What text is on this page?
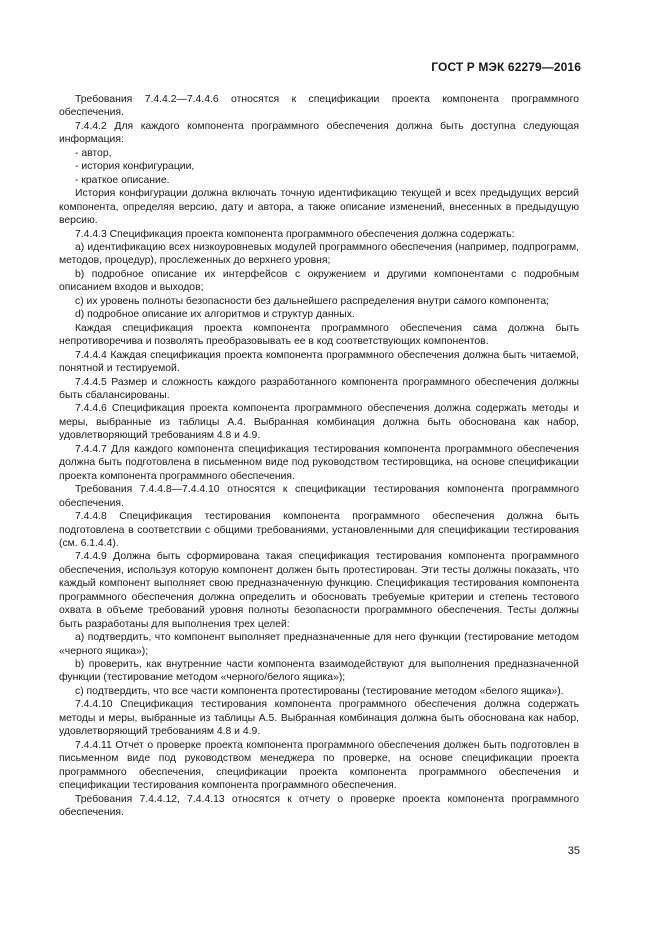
ГОСТ Р МЭК 62279—2016

Требования 7.4.4.2—7.4.4.6 относятся к спецификации проекта компонента программного обеспечения.

7.4.4.2 Для каждого компонента программного обеспечения должна быть доступна следующая информация:

- автор,

- история конфигурации,

- краткое описание.

История конфигурации должна включать точную идентификацию текущей и всех предыдущих версий компонента, определяя версию, дату и автора, а также описание изменений, внесенных в предыдущую версию.

7.4.4.3 Спецификация проекта компонента программного обеспечения должна содержать:

a) идентификацию всех низкоуровневых модулей программного обеспечения (например, подпрограмм, методов, процедур), прослеженных до верхнего уровня;

b) подробное описание их интерфейсов с окружением и другими компонентами с подробным описанием входов и выходов;

c) их уровень полноты безопасности без дальнейшего распределения внутри самого компонента;

d) подробное описание их алгоритмов и структур данных.

Каждая спецификация проекта компонента программного обеспечения сама должна быть непротиворечива и позволять преобразовывать ее в код соответствующих компонентов.

7.4.4.4 Каждая спецификация проекта компонента программного обеспечения должна быть читаемой, понятной и тестируемой.

7.4.4.5 Размер и сложность каждого разработанного компонента программного обеспечения должны быть сбалансированы.

7.4.4.6 Спецификация проекта компонента программного обеспечения должна содержать методы и меры, выбранные из таблицы А.4. Выбранная комбинация должна быть обоснована как набор, удовлетворяющий требованиям 4.8 и 4.9.

7.4.4.7 Для каждого компонента спецификация тестирования компонента программного обеспечения должна быть подготовлена в письменном виде под руководством тестировщика, на основе спецификации проекта компонента программного обеспечения.

Требования 7.4.4.8—7.4.4.10 относятся к спецификации тестирования компонента программного обеспечения.

7.4.4.8 Спецификация тестирования компонента программного обеспечения должна быть подготовлена в соответствии с общими требованиями, установленными для спецификации тестирования (см. 6.1.4.4).

7.4.4.9 Должна быть сформирована такая спецификация тестирования компонента программного обеспечения, используя которую компонент должен быть протестирован. Эти тесты должны показать, что каждый компонент выполняет свою предназначенную функцию. Спецификация тестирования компонента программного обеспечения должна определить и обосновать требуемые критерии и степень тестового охвата в объеме требований уровня полноты безопасности программного обеспечения. Тесты должны быть разработаны для выполнения трех целей:

a) подтвердить, что компонент выполняет предназначенные для него функции (тестирование методом «черного ящика»);

b) проверить, как внутренние части компонента взаимодействуют для выполнения предназначенной функции (тестирование методом «черного/белого ящика»);

c) подтвердить, что все части компонента протестированы (тестирование методом «белого ящика»).

7.4.4.10 Спецификация тестирования компонента программного обеспечения должна содержать методы и меры, выбранные из таблицы А.5. Выбранная комбинация должна быть обоснована как набор, удовлетворяющий требованиям 4.8 и 4.9.

7.4.4.11 Отчет о проверке проекта компонента программного обеспечения должен быть подготовлен в письменном виде под руководством менеджера по проверке, на основе спецификации проекта программного обеспечения, спецификации проекта компонента программного обеспечения и спецификации тестирования компонента программного обеспечения.

Требования 7.4.4.12, 7.4.4.13 относятся к отчету о проверке проекта компонента программного обеспечения.

35
